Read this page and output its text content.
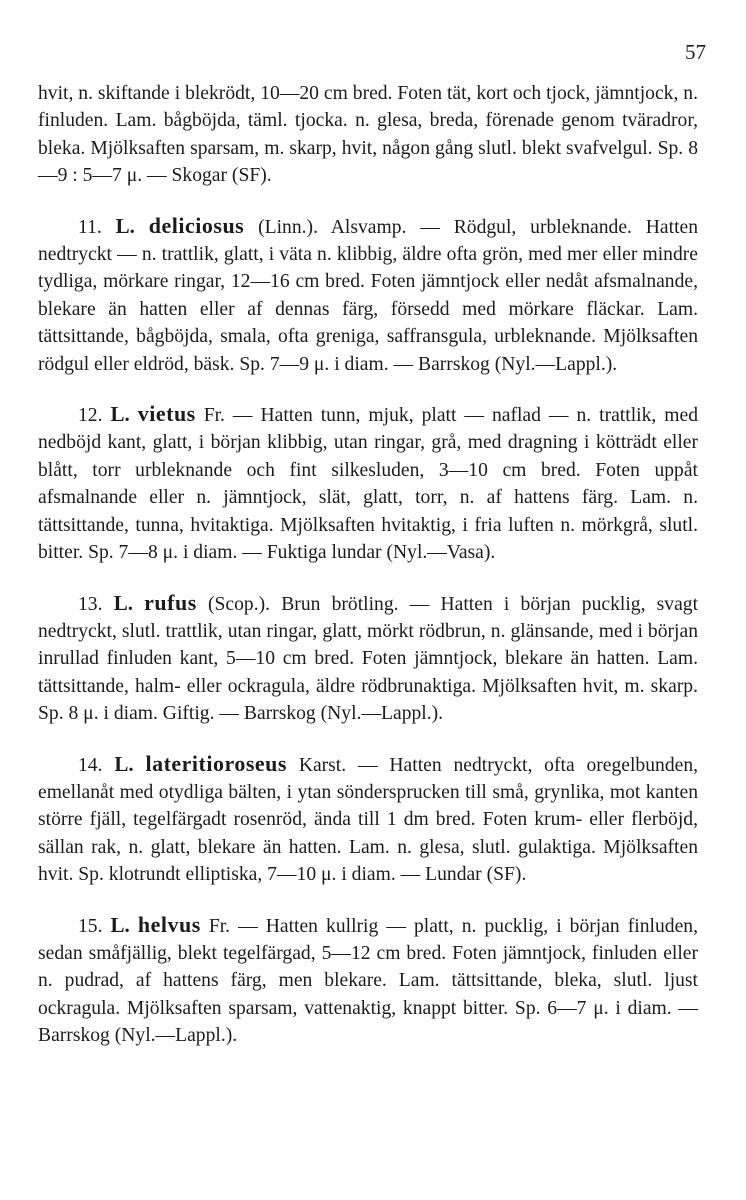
57

hvit, n. skiftande i blekrödt, 10—20 cm bred. Foten tät, kort och tjock, jämntjock, n. finluden. Lam. bågböjda, täml. tjocka. n. glesa, breda, förenade genom tväradror, bleka. Mjölksaften sparsam, m. skarp, hvit, någon gång slutl. blekt svafvelgul. Sp. 8—9 : 5—7 μ. — Skogar (SF).

11. L. deliciosus (Linn.). Alsvamp. — Rödgul, urbleknande. Hatten nedtryckt — n. trattlik, glatt, i väta n. klibbig, äldre ofta grön, med mer eller mindre tydliga, mörkare ringar, 12—16 cm bred. Foten jämntjock eller nedåt afsmalnande, blekare än hatten eller af dennas färg, försedd med mörkare fläckar. Lam. tättsittande, bågböjda, smala, ofta greniga, saffransgula, urbleknande. Mjölksaften rödgul eller eldröd, bäsk. Sp. 7—9 μ. i diam. — Barrskog (Nyl.—Lappl.).

12. L. vietus Fr. — Hatten tunn, mjuk, platt — naflad — n. trattlik, med nedböjd kant, glatt, i början klibbig, utan ringar, grå, med dragning i kötträdt eller blått, torr urbleknande och fint silkesluden, 3—10 cm bred. Foten uppåt afsmalnande eller n. jämntjock, slät, glatt, torr, n. af hattens färg. Lam. n. tättsittande, tunna, hvitaktiga. Mjölksaften hvitaktig, i fria luften n. mörkgrå, slutl. bitter. Sp. 7—8 μ. i diam. — Fuktiga lundar (Nyl.—Vasa).

13. L. rufus (Scop.). Brun brötling. — Hatten i början pucklig, svagt nedtryckt, slutl. trattlik, utan ringar, glatt, mörkt rödbrun, n. glänsande, med i början inrullad finluden kant, 5—10 cm bred. Foten jämntjock, blekare än hatten. Lam. tättsittande, halm- eller ockragula, äldre rödbrunaktiga. Mjölksaften hvit, m. skarp. Sp. 8 μ. i diam. Giftig. — Barrskog (Nyl.—Lappl.).

14. L. lateritioroseus Karst. — Hatten nedtryckt, ofta oregelbunden, emellanåt med otydliga bälten, i ytan söndersprucken till små, grynlika, mot kanten större fjäll, tegelfärgadt rosenröd, ända till 1 dm bred. Foten krum- eller flerböjd, sällan rak, n. glatt, blekare än hatten. Lam. n. glesa, slutl. gulaktiga. Mjölksaften hvit. Sp. klotrundt elliptiska, 7—10 μ. i diam. — Lundar (SF).

15. L. helvus Fr. — Hatten kullrig — platt, n. pucklig, i början finluden, sedan småfjällig, blekt tegelfärgad, 5—12 cm bred. Foten jämntjock, finluden eller n. pudrad, af hattens färg, men blekare. Lam. tättsittande, bleka, slutl. ljust ockragula. Mjölksaften sparsam, vattenaktig, knappt bitter. Sp. 6—7 μ. i diam. — Barrskog (Nyl.—Lappl.).
